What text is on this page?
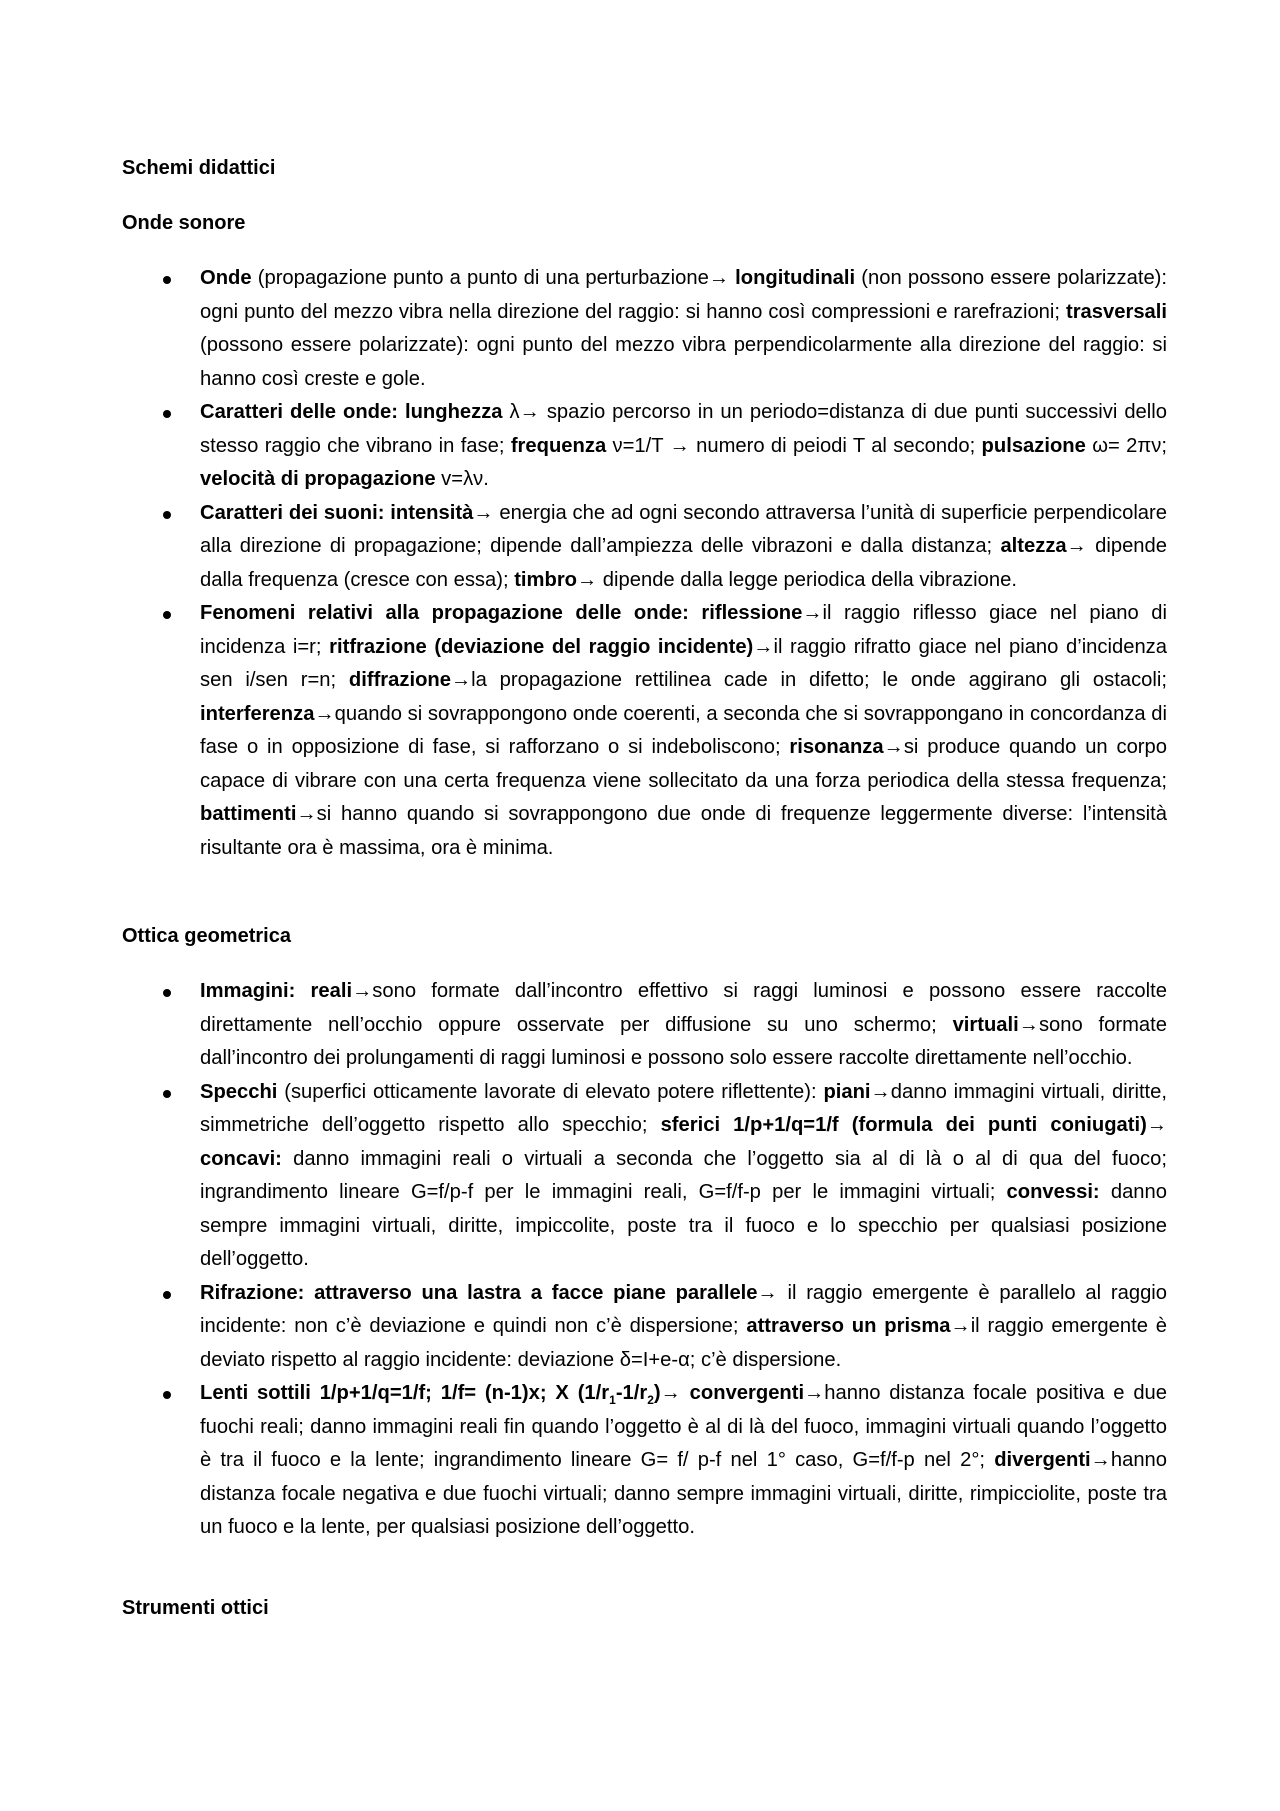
Schemi didattici
Onde sonore
Onde (propagazione punto a punto di una perturbazione→ longitudinali (non possono essere polarizzate): ogni punto del mezzo vibra nella direzione del raggio: si hanno così compressioni e rarefrazioni; trasversali (possono essere polarizzate): ogni punto del mezzo vibra perpendicolarmente alla direzione del raggio: si hanno così creste e gole.
Caratteri delle onde: lunghezza λ→ spazio percorso in un periodo=distanza di due punti successivi dello stesso raggio che vibrano in fase; frequenza ν=1/T → numero di peiodi T al secondo; pulsazione ω= 2πν; velocità di propagazione v=λν.
Caratteri dei suoni: intensità→ energia che ad ogni secondo attraversa l’unità di superficie perpendicolare alla direzione di propagazione; dipende dall’ampiezza delle vibrazoni e dalla distanza; altezza→ dipende dalla frequenza (cresce con essa); timbro→ dipende dalla legge periodica della vibrazione.
Fenomeni relativi alla propagazione delle onde: riflessione→il raggio riflesso giace nel piano di incidenza i=r; ritfrazione (deviazione del raggio incidente)→il raggio rifratto giace nel piano d’incidenza sen i/sen r=n; diffrazione→la propagazione rettilinea cade in difetto; le onde aggirano gli ostacoli; interferenza→quando si sovrappongono onde coerenti, a seconda che si sovrappongano in concordanza di fase o in opposizione di fase, si rafforzano o si indeboliscono; risonanza→si produce quando un corpo capace di vibrare con una certa frequenza viene sollecitato da una forza periodica della stessa frequenza; battimenti→si hanno quando si sovrappongono due onde di frequenze leggermente diverse: l’intensità risultante ora è massima, ora è minima.
Ottica geometrica
Immagini: reali→sono formate dall’incontro effettivo si raggi luminosi e possono essere raccolte direttamente nell’occhio oppure osservate per diffusione su uno schermo; virtuali→sono formate dall’incontro dei prolungamenti di raggi luminosi e possono solo essere raccolte direttamente nell’occhio.
Specchi (superfici otticamente lavorate di elevato potere riflettente): piani→danno immagini virtuali, diritte, simmetriche dell’oggetto rispetto allo specchio; sferici 1/p+1/q=1/f (formula dei punti coniugati)→ concavi: danno immagini reali o virtuali a seconda che l’oggetto sia al di là o al di qua del fuoco; ingrandimento lineare G=f/p-f per le immagini reali, G=f/f-p per le immagini virtuali; convessi: danno sempre immagini virtuali, diritte, impiccolite, poste tra il fuoco e lo specchio per qualsiasi posizione dell’oggetto.
Rifrazione: attraverso una lastra a facce piane parallele→ il raggio emergente è parallelo al raggio incidente: non c’è deviazione e quindi non c’è dispersione; attraverso un prisma→il raggio emergente è deviato rispetto al raggio incidente: deviazione δ=I+e-α; c’è dispersione.
Lenti sottili 1/p+1/q=1/f; 1/f= (n-1)x; X $(1/r_1-1/r_2)\to$ convergenti→hanno distanza focale positiva e due fuochi reali; danno immagini reali fin quando l’oggetto è al di là del fuoco, immagini virtuali quando l’oggetto è tra il fuoco e la lente; ingrandimento lineare G= f/ p-f nel 1° caso, G=f/f-p nel 2°; divergenti→hanno distanza focale negativa e due fuochi virtuali; danno sempre immagini virtuali, diritte, rimpicciolite, poste tra un fuoco e la lente, per qualsiasi posizione dell’oggetto.
Strumenti ottici
